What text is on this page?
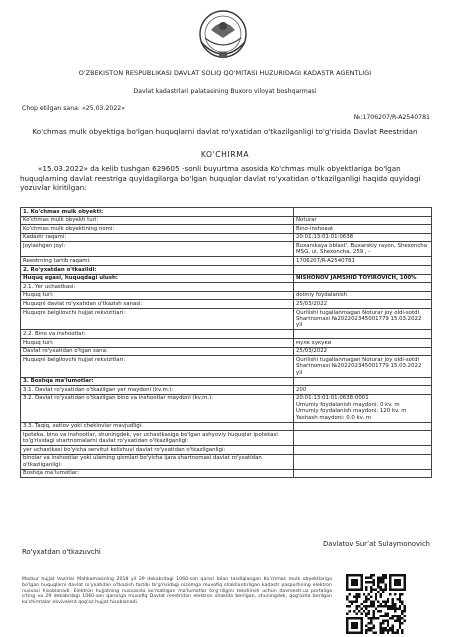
O'ZBEKISTON RESPUBLIKASI DAVLAT SOLIQ QO'MITASI HUZURIDAGI KADASTR AGENTLIGI
Davlat kadastrlari palatasining Buxoro viloyat boshqarmasi
Chop etilgan sana: «25.03.2022»
№:1706207/R-A2540781
Ko'chmas mulk obyektiga bo'lgan huquqlarni davlat ro'yxatidan o'tkazilganligi to'g'risida Davlat Reestridan
KO'CHIRMA
«15.03.2022» da kelib tushgan 629605 -sonli buyurtma asosida Ko'chmas mulk obyektlariga bo'lgan huquqlarning davlat reestriga quyidagilarga bo'lgan huquqlar davlat ro'yxatidan o'tkazilganligi haqida quyidagi yozuvlar kiritilgan:
1. Ko'chmas mulk obyekti:	
Ko'chmas mulk obyekti turi:	Noturar
Ko'chmas mulk obyektining nomi:	Bino-inshoaat
Kadastr raqami:	20:01:13:01:01:0638
Joylashgan joyi:	Buxarskaya oblast', Buxarskiy rayon, Shexoncha MSG, ul. Shexoncha, 259 , -
Reestrning tartib raqami:	1706207/R-A2540781
2. Ro'yxatdan o'tkazildi:	
Huquq egasi, huquqdagi ulush:	NISHONOV JAMSHID TOYIROVICH, 100%
2.1. Yer uchastkasi:	
Huquq turi:	doimiy foydalanish
Huquqni davlat ro'yxatidan o'tkazish sanasi:	25/03/2022
Huquqni belgilovchi hujjat rekvizitlari:	Qurilishi tugallanmagan Noturar joy oldi-sotdi Shartnomasi №202202345001779 15.03.2022 yil
2.2. Bino va inshootlar:	
Huquq turi:	мулк хукуки
Davlat ro'yxatidan o'tgan sana:	25/03/2022
Huquqni belgilovchi hujjat rekvizitlari:	Qurilishi tugallanmagan Noturar joy oldi-sotdi Shartnomasi №202202345001779 15.03.2022 yil
3. Boshqa ma'lumotlar:	
3.1. Davlat ro'yxatidan o'tkazilgan yer maydoni (kv.m.):	200
3.2. Davlat ro'yxatidan o'tkazilgan bino va inshootlar maydoni (kv.m.):	20:01:13:01:01:0638:0001
Umumiy foydalanish maydoni: 0 kv. m
Umumiy foydalanish maydoni: 120 kv. m
Yashash maydoni: 0.0 kv. m
3.3. Taqiq, xatlov yoki cheklovlar mavjudligi:	
Ipoteka, bino va inshootlar, shuningdek, yer uchastkasiga bo'lgan ashyoviy huquqlar ipotekasi to'g'risidagi shartnomalarni davlat ro'yxatidan o'tkazilganligi:	
yer uchastkasi bo'yicha servitut kelishuvi davlat ro'yxatidan o'tkazilganligi:	
binolar va inshootlar yoki ularning qismlari bo'yicha ijara shartnomasi davlat ro'yxatidan o'tkazilganligi:	
Boshqa ma'lumotlar:	
Ro'yxatdan o'tkazuvchi
Davlatov Surʼat Sulaymonovich
Mazkur hujjat Vazirlar Mahkamasining 2018 yil 29 dekabrdagi 1060-son qarori bilan tasdiqlangan Ko'chmas mulk obyektlariga bo'lgan huquqlarni davlat ro'yxatidan o'tkazish tartibi to'g'risidagi nizomga muvofiq shakllantirilgan kadastr pasportining elektron nusxasi hisoblanadi. Elektron hujjatning nusxasida ko'rsatilgan ma'lumotlar to'g'riligini tekshirish uchun davreestr.uz portaliga o'ting va 29 dekabrdagi 1060-son qaroriga muvofiq Davlat reestridan elektron shaklda berilgan, shuningdek, qog'ozda berilgan ko'chirmalar ekvivalent qog'oz hujjat hisoblanadi.
